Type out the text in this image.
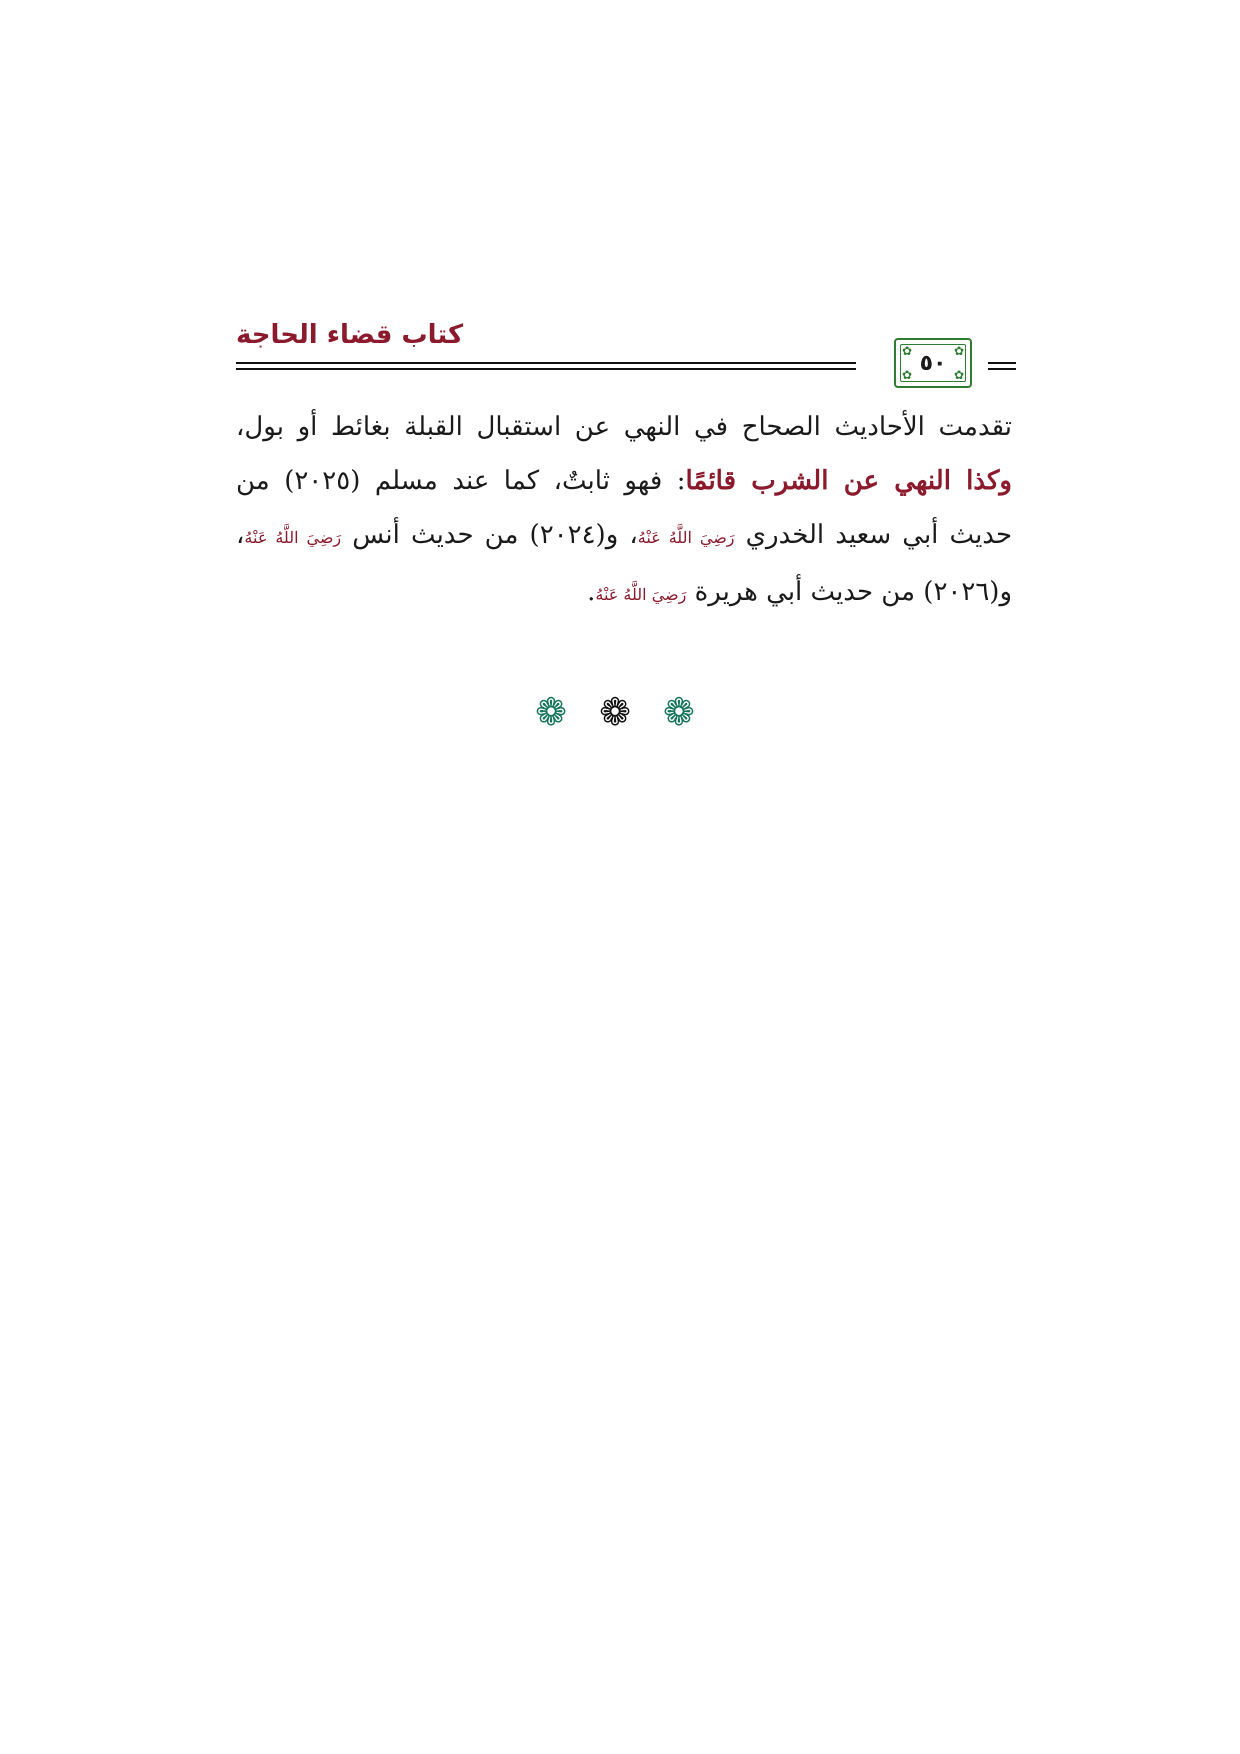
كتاب قضاء الحاجة
✿	✿
✿	✿
٥٠
تقدمت الأحاديث الصحاح في النهي عن استقبال القبلة بغائط أو بول، وكذا النهي عن الشرب قائمًا: فهو ثابتٌ، كما عند مسلم (٢٠٢٥) من حديث أبي سعيد الخدري رَضِيَ اللَّهُ عَنْهُ، و(٢٠٢٤) من حديث أنس رَضِيَ اللَّهُ عَنْهُ، و(٢٠٢٦) من حديث أبي هريرة رَضِيَ اللَّهُ عَنْهُ.
❁ ❁ ❁
